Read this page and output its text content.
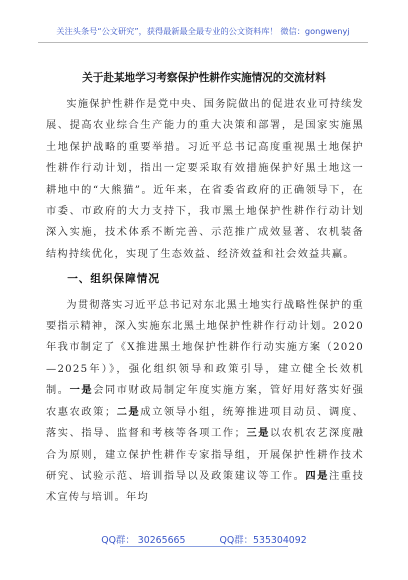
关注头条号“公文研究”，获得最新最全最专业的公文资料库！ 微信：gongwenyj
关于赴某地学习考察保护性耕作实施情况的交流材料

实施保护性耕作是党中央、国务院做出的促进农业可持续发展、提高农业综合生产能力的重大决策和部署，是国家实施黑土地保护战略的重要举措。习近平总书记高度重视黑土地保护性耕作行动计划，指出一定要采取有效措施保护好黑土地这一耕地中的“大熊猫”。近年来，在省委省政府的正确领导下，在市委、市政府的大力支持下，我市黑土地保护性耕作行动计划深入实施，技术体系不断完善、示范推广成效显著、农机装备结构持续优化，实现了生态效益、经济效益和社会效益共赢。

一、组织保障情况

为贯彻落实习近平总书记对东北黑土地实行战略性保护的重要指示精神，深入实施东北黑土地保护性耕作行动计划。2020年我市制定了《X推进黑土地保护性耕作行动实施方案（2020—2025年）》，强化组织领导和政策引导，建立健全长效机制。一是会同市财政局制定年度实施方案，管好用好落实好强农惠农政策；二是成立领导小组，统筹推进项目动员、调度、落实、指导、监督和考核等各项工作；三是以农机农艺深度融合为原则，建立保护性耕作专家指导组，开展保护性耕作技术研究、试验示范、培训指导以及政策建议等工作。四是注重技术宣传与培训。年均

QQ群： 30265665	QQ群：535304092
